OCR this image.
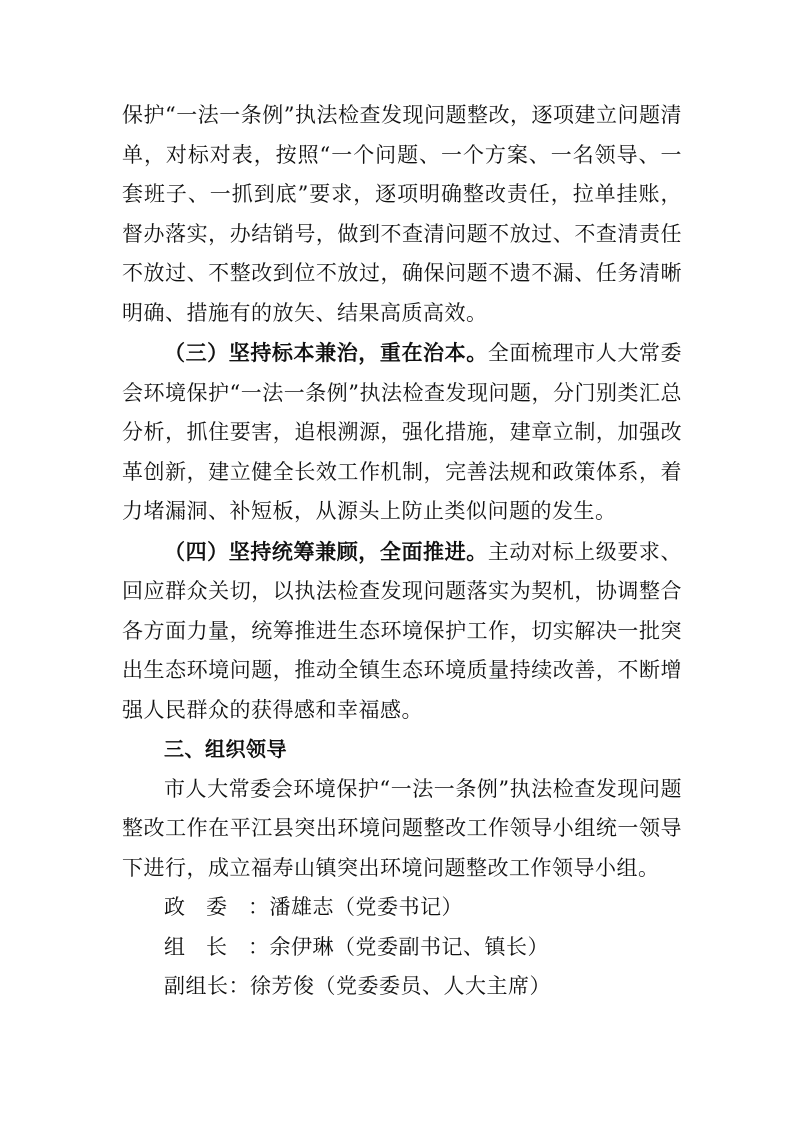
保护“一法一条例”执法检查发现问题整改，逐项建立问题清单，对标对表，按照“一个问题、一个方案、一名领导、一套班子、一抓到底”要求，逐项明确整改责任，拉单挂账，督办落实，办结销号，做到不查清问题不放过、不查清责任不放过、不整改到位不放过，确保问题不遗不漏、任务清晰明确、措施有的放矢、结果高质高效。

（三）坚持标本兼治，重在治本。全面梳理市人大常委会环境保护“一法一条例”执法检查发现问题，分门别类汇总分析，抓住要害，追根溯源，强化措施，建章立制，加强改革创新，建立健全长效工作机制，完善法规和政策体系，着力堵漏洞、补短板，从源头上防止类似问题的发生。

（四）坚持统筹兼顾，全面推进。主动对标上级要求、回应群众关切，以执法检查发现问题落实为契机，协调整合各方面力量，统筹推进生态环境保护工作，切实解决一批突出生态环境问题，推动全镇生态环境质量持续改善，不断增强人民群众的获得感和幸福感。

三、组织领导

市人大常委会环境保护“一法一条例”执法检查发现问题整改工作在平江县突出环境问题整改工作领导小组统一领导下进行，成立福寿山镇突出环境问题整改工作领导小组。

政委：潘雄志（党委书记）

组长：余伊琳（党委副书记、镇长）

副组长：徐芳俊（党委委员、人大主席）
